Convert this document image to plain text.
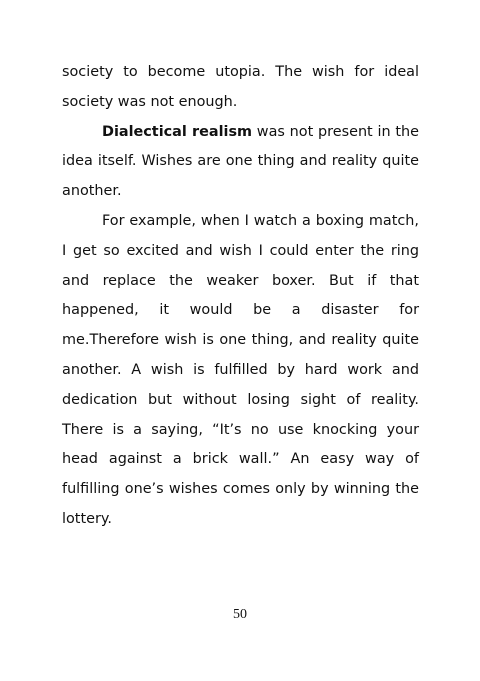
society to become utopia. The wish for ideal society was not enough.

Dialectical realism was not present in the idea itself. Wishes are one thing and reality quite another.

For example, when I watch a boxing match, I get so excited and wish I could enter the ring and replace the weaker boxer. But if that happened, it would be a disaster for me.Therefore wish is one thing, and reality quite another. A wish is fulfilled by hard work and dedication but without losing sight of reality. There is a saying, “It’s no use knocking your head against a brick wall.” An easy way of fulfilling one’s wishes comes only by winning the lottery.

50
